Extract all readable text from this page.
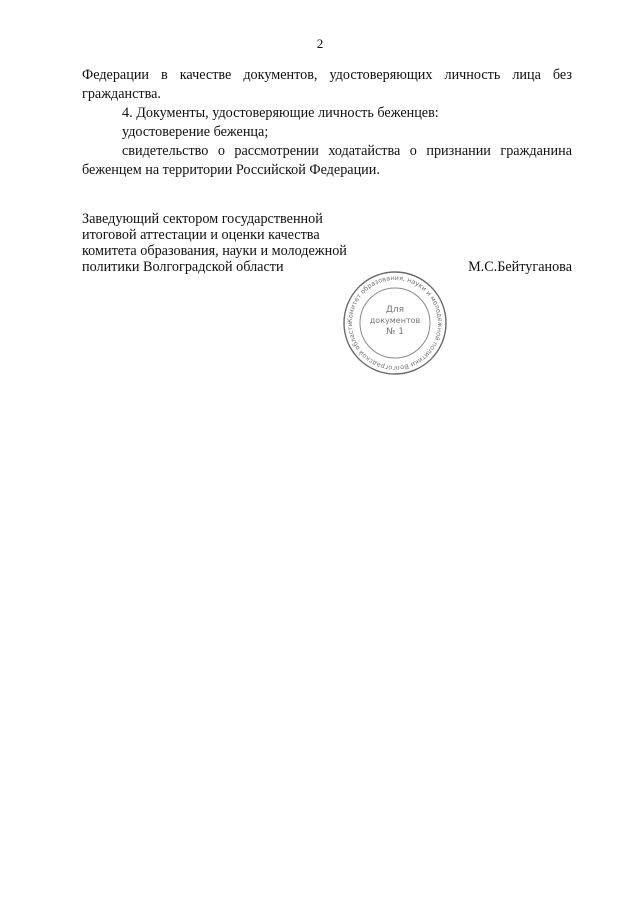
2

Федерации в качестве документов, удостоверяющих личность лица без

гражданства.

4. Документы, удостоверяющие личность беженцев:

удостоверение беженца;

свидетельство о рассмотрении ходатайства о признании гражданина

беженцем на территории Российской Федерации.

Заведующий сектором государственной

итоговой аттестации и оценки качества

комитета образования, науки и молодежной

политики Волгоградской области	М.С.Бейтуганова
Комитет образования, науки и молодежной политики Волгоградской области
Для
документов
№ 1
